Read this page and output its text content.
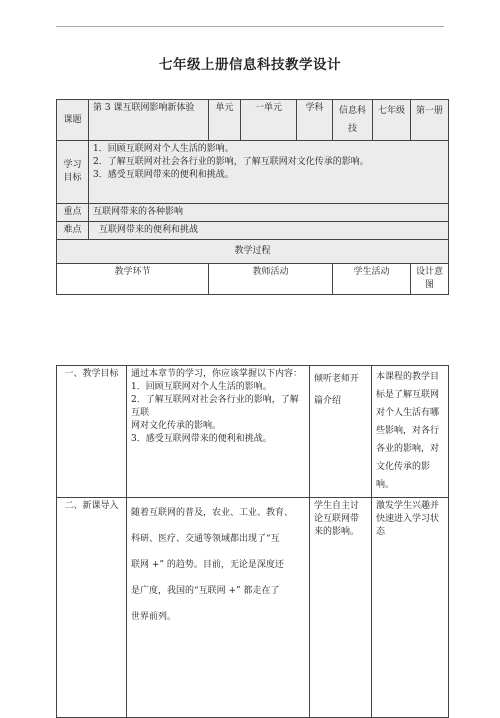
七年级上册信息科技教学设计
课题	第 3 课互联网影响新体验	单元	一单元	学科	信息科技	七年级	第一册
学习目标	1．回顾互联网对个人生活的影响。
2．了解互联网对社会各行业的影响，了解互联网对文化传承的影响。
3．感受互联网带来的便利和挑战。						

重点	互联网带来的各种影响						
难点	互联网带来的便利和挑战						
教学过程							
教学环节		教师活动			学生活动		设计意图
一、教学目标	通过本章节的学习，你应该掌握以下内容：
1．回顾互联网对个人生活的影响。
2．了解互联网对社会各行业的影响，了解互联
网对文化传承的影响。
3．感受互联网带来的便利和挑战。	倾听老师开篇介绍	本课程的教学目标是了解互联网对个人生活有哪些影响，对各行各业的影响，对文化传承的影响。
二、新课导入	随着互联网的普及，农业、工业、教育、
科研、医疗、交通等领域都出现了“互
联网 +” 的趋势。目前，无论是深度还
是广度，我国的“互联网 +” 都走在了
世界前列。	学生自主讨论互联网带来的影响。	激发学生兴趣并快速进入学习状态
